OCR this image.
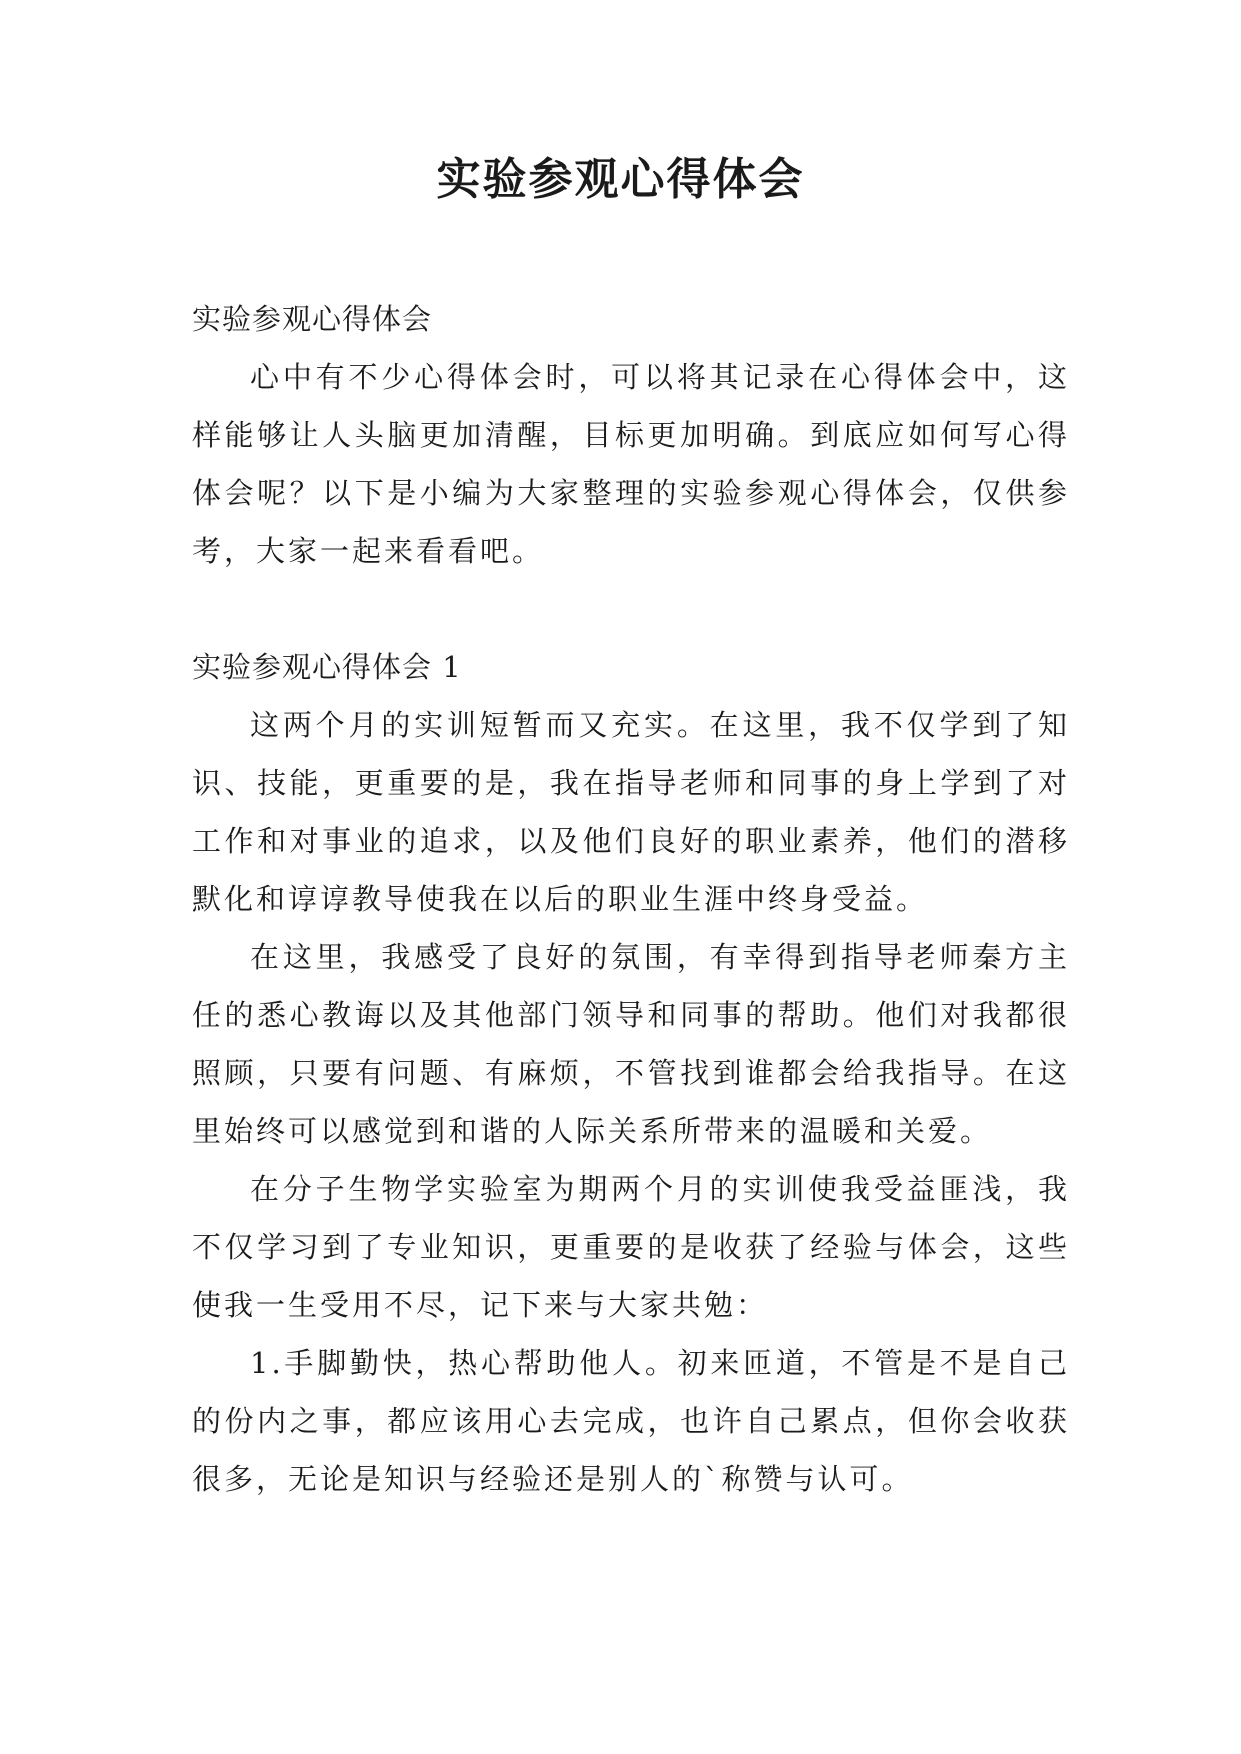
实验参观心得体会

实验参观心得体会

心中有不少心得体会时，可以将其记录在心得体会中，这样能够让人头脑更加清醒，目标更加明确。到底应如何写心得体会呢？以下是小编为大家整理的实验参观心得体会，仅供参考，大家一起来看看吧。

实验参观心得体会 1

这两个月的实训短暂而又充实。在这里，我不仅学到了知识、技能，更重要的是，我在指导老师和同事的身上学到了对工作和对事业的追求，以及他们良好的职业素养，他们的潜移默化和谆谆教导使我在以后的职业生涯中终身受益。

在这里，我感受了良好的氛围，有幸得到指导老师秦方主任的悉心教诲以及其他部门领导和同事的帮助。他们对我都很照顾，只要有问题、有麻烦，不管找到谁都会给我指导。在这里始终可以感觉到和谐的人际关系所带来的温暖和关爱。

在分子生物学实验室为期两个月的实训使我受益匪浅，我不仅学习到了专业知识，更重要的是收获了经验与体会，这些使我一生受用不尽，记下来与大家共勉：

1.手脚勤快，热心帮助他人。初来匝道，不管是不是自己的份内之事，都应该用心去完成，也许自己累点，但你会收获很多，无论是知识与经验还是别人的`称赞与认可。
